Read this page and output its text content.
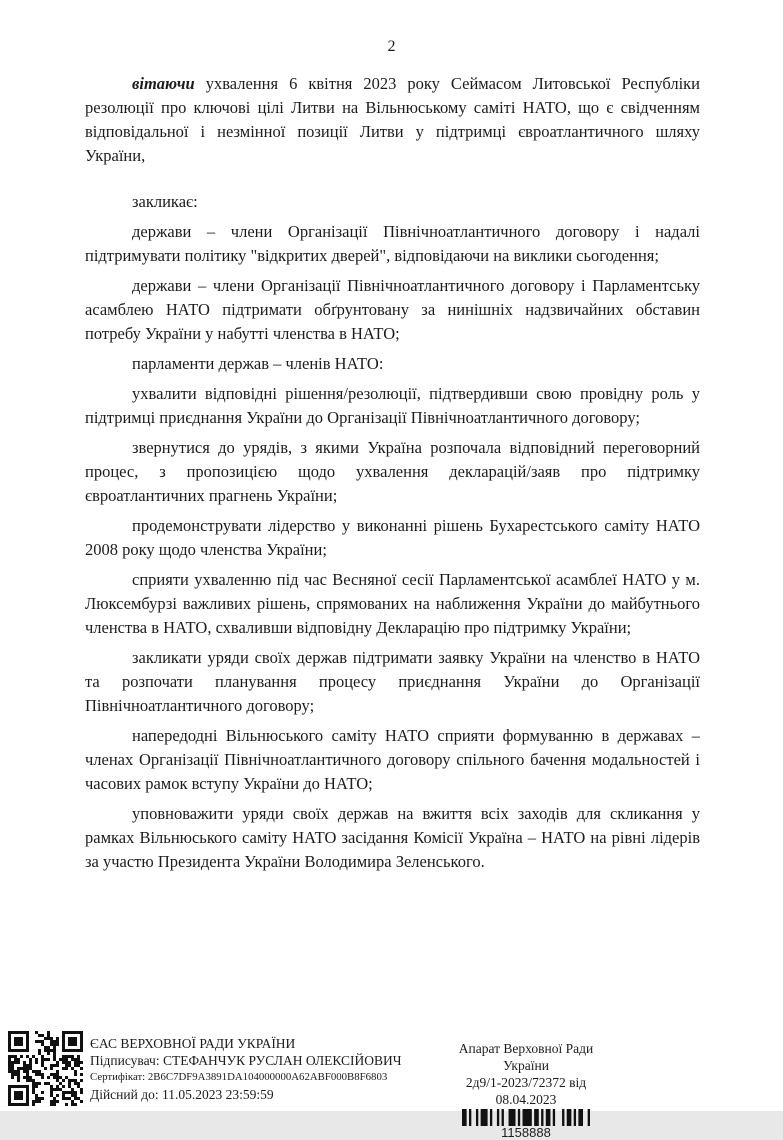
2

вітаючи ухвалення 6 квітня 2023 року Сеймасом Литовської Республіки резолюції про ключові цілі Литви на Вільнюському саміті НАТО, що є свідченням відповідальної і незмінної позиції Литви у підтримці євроатлантичного шляху України,

закликає:

держави – члени Організації Північноатлантичного договору і надалі підтримувати політику "відкритих дверей", відповідаючи на виклики сьогодення;

держави – члени Організації Північноатлантичного договору і Парламентську асамблею НАТО підтримати обґрунтовану за нинішніх надзвичайних обставин потребу України у набутті членства в НАТО;

парламенти держав – членів НАТО:

ухвалити відповідні рішення/резолюції, підтвердивши свою провідну роль у підтримці приєднання України до Організації Північноатлантичного договору;

звернутися до урядів, з якими Україна розпочала відповідний переговорний процес, з пропозицією щодо ухвалення декларацій/заяв про підтримку євроатлантичних прагнень України;

продемонструвати лідерство у виконанні рішень Бухарестського саміту НАТО 2008 року щодо членства України;

сприяти ухваленню під час Весняної сесії Парламентської асамблеї НАТО у м. Люксембурзі важливих рішень, спрямованих на наближення України до майбутнього членства в НАТО, схваливши відповідну Декларацію про підтримку України;

закликати уряди своїх держав підтримати заявку України на членство в НАТО та розпочати планування процесу приєднання України до Організації Північноатлантичного договору;

напередодні Вільнюського саміту НАТО сприяти формуванню в державах – членах Організації Північноатлантичного договору спільного бачення модальностей і часових рамок вступу України до НАТО;

уповноважити уряди своїх держав на вжиття всіх заходів для скликання у рамках Вільнюського саміту НАТО засідання Комісії Україна – НАТО на рівні лідерів за участю Президента України Володимира Зеленського.

ЄАС ВЕРХОВНОЇ РАДИ УКРАЇНИ
Підписувач: СТЕФАНЧУК РУСЛАН ОЛЕКСІЙОВИЧ
Сертифікат: 2B6C7DF9A3891DA104000000A62ABF000B8F6803
Дійсний до: 11.05.2023 23:59:59
Апарат Верховної Ради України
2д9/1-2023/72372 від 08.04.2023
1158888
